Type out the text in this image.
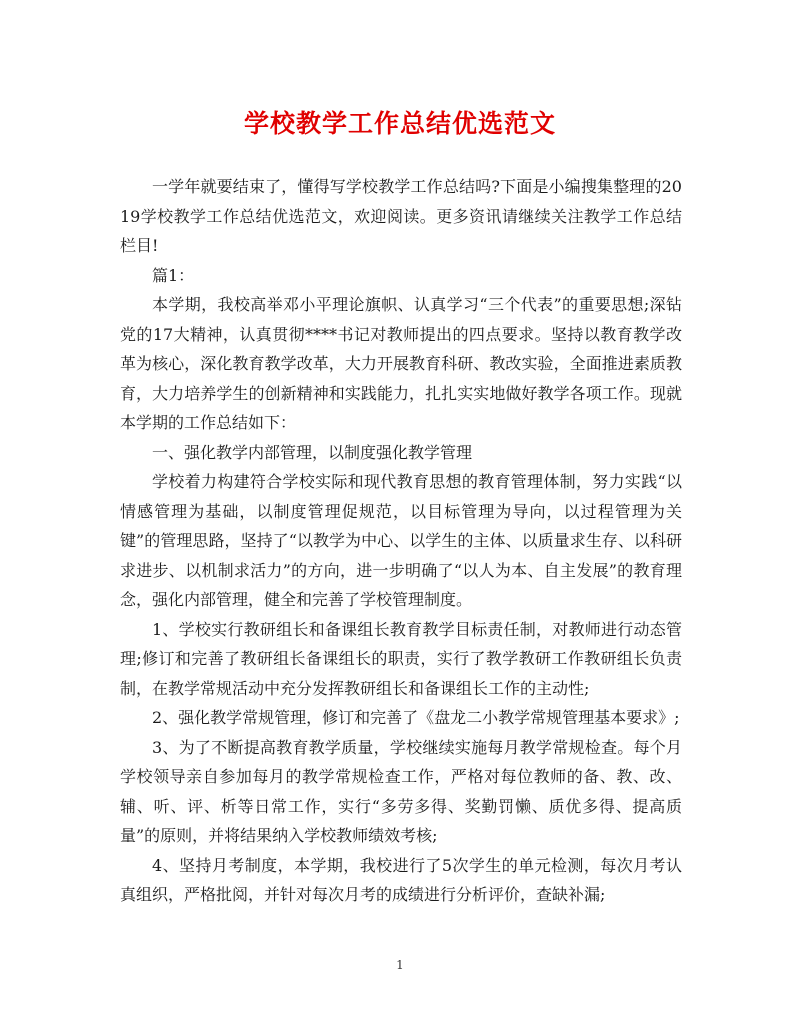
学校教学工作总结优选范文

一学年就要结束了，懂得写学校教学工作总结吗?下面是小编搜集整理的2019学校教学工作总结优选范文，欢迎阅读。更多资讯请继续关注教学工作总结栏目!

篇1：

本学期，我校高举邓小平理论旗帜、认真学习“三个代表”的重要思想;深钻党的17大精神，认真贯彻****书记对教师提出的四点要求。坚持以教育教学改革为核心，深化教育教学改革，大力开展教育科研、教改实验，全面推进素质教育，大力培养学生的创新精神和实践能力，扎扎实实地做好教学各项工作。现就本学期的工作总结如下：

一、强化教学内部管理，以制度强化教学管理

学校着力构建符合学校实际和现代教育思想的教育管理体制，努力实践“以情感管理为基础，以制度管理促规范，以目标管理为导向，以过程管理为关键”的管理思路，坚持了“以教学为中心、以学生的主体、以质量求生存、以科研求进步、以机制求活力”的方向，进一步明确了“以人为本、自主发展”的教育理念，强化内部管理，健全和完善了学校管理制度。

1、学校实行教研组长和备课组长教育教学目标责任制，对教师进行动态管理;修订和完善了教研组长备课组长的职责，实行了教学教研工作教研组长负责制，在教学常规活动中充分发挥教研组长和备课组长工作的主动性;

2、强化教学常规管理，修订和完善了《盘龙二小教学常规管理基本要求》;

3、为了不断提高教育教学质量，学校继续实施每月教学常规检查。每个月学校领导亲自参加每月的教学常规检查工作，严格对每位教师的备、教、改、辅、听、评、析等日常工作，实行“多劳多得、奖勤罚懒、质优多得、提高质量”的原则，并将结果纳入学校教师绩效考核;

4、坚持月考制度，本学期，我校进行了5次学生的单元检测，每次月考认真组织，严格批阅，并针对每次月考的成绩进行分析评价，查缺补漏;

1
